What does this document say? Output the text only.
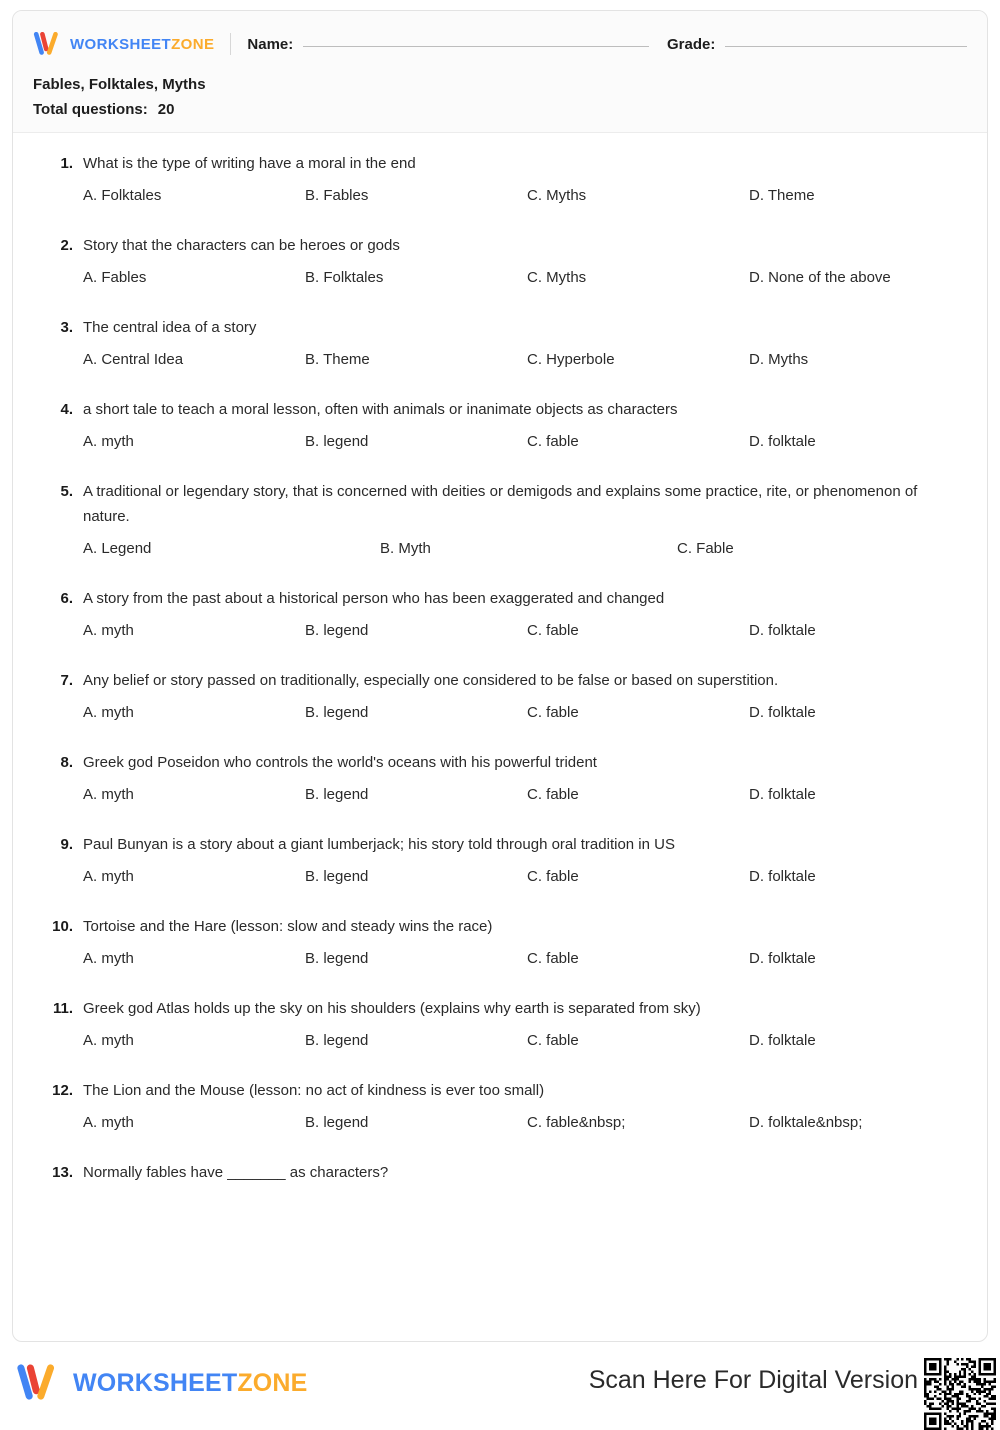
WORKSHEETZONE Name:	Grade:
Fables, Folktales, Myths
Total questions: 20
1. What is the type of writing have a moral in the end
A. Folktales	B. Fables	C. Myths	D. Theme
2. Story that the characters can be heroes or gods
A. Fables	B. Folktales	C. Myths	D. None of the above
3. The central idea of a story
A. Central Idea	B. Theme	C. Hyperbole	D. Myths
4. a short tale to teach a moral lesson, often with animals or inanimate objects as characters
A. myth	B. legend	C. fable	D. folktale
5. A traditional or legendary story, that is concerned with deities or demigods and explains some practice, rite, or phenomenon of nature.
A. Legend	B. Myth	C. Fable
6. A story from the past about a historical person who has been exaggerated and changed
A. myth	B. legend	C. fable	D. folktale
7. Any belief or story passed on traditionally, especially one considered to be false or based on superstition.
A. myth	B. legend	C. fable	D. folktale
8. Greek god Poseidon who controls the world's oceans with his powerful trident
A. myth	B. legend	C. fable	D. folktale
9. Paul Bunyan is a story about a giant lumberjack; his story told through oral tradition in US
A. myth	B. legend	C. fable	D. folktale
10. Tortoise and the Hare (lesson: slow and steady wins the race)
A. myth	B. legend	C. fable	D. folktale
11. Greek god Atlas holds up the sky on his shoulders (explains why earth is separated from sky)
A. myth	B. legend	C. fable	D. folktale
12. The Lion and the Mouse (lesson: no act of kindness is ever too small)
A. myth	B. legend	C. fable&nbsp;	D. folktale&nbsp;
13. Normally fables have _______ as characters?
WORKSHEETZONE	Scan Here For Digital Version
